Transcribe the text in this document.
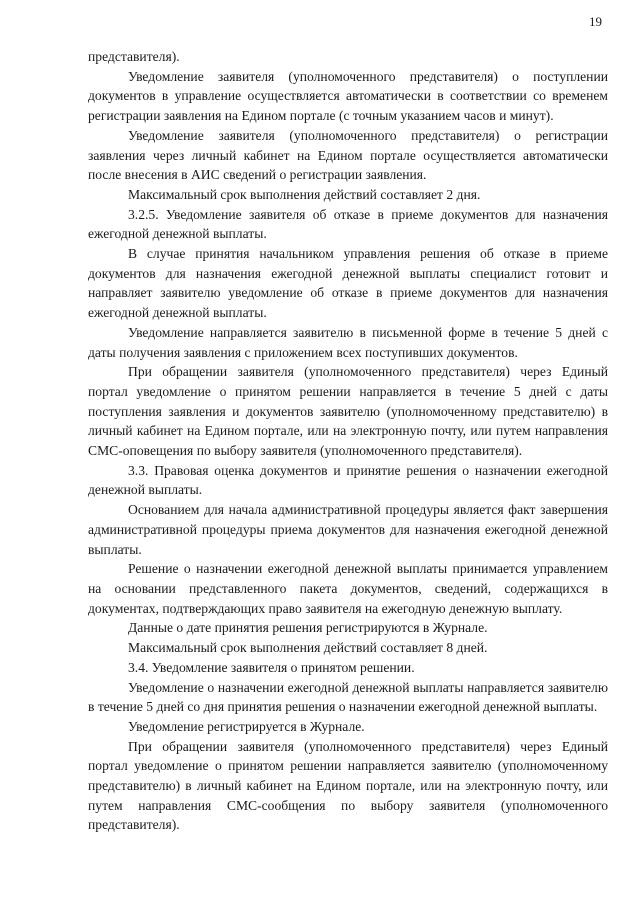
19

представителя).

Уведомление заявителя (уполномоченного представителя) о поступлении документов в управление осуществляется автоматически в соответствии со временем регистрации заявления на Едином портале (с точным указанием часов и минут).

Уведомление заявителя (уполномоченного представителя) о регистрации заявления через личный кабинет на Едином портале осуществляется автоматически после внесения в АИС сведений о регистрации заявления.

Максимальный срок выполнения действий составляет 2 дня.

3.2.5. Уведомление заявителя об отказе в приеме документов для назначения ежегодной денежной выплаты.

В случае принятия начальником управления решения об отказе в приеме документов для назначения ежегодной денежной выплаты специалист готовит и направляет заявителю уведомление об отказе в приеме документов для назначения ежегодной денежной выплаты.

Уведомление направляется заявителю в письменной форме в течение 5 дней с даты получения заявления с приложением всех поступивших документов.

При обращении заявителя (уполномоченного представителя) через Единый портал уведомление о принятом решении направляется в течение 5 дней с даты поступления заявления и документов заявителю (уполномоченному представителю) в личный кабинет на Едином портале, или на электронную почту, или путем направления СМС-оповещения по выбору заявителя (уполномоченного представителя).

3.3. Правовая оценка документов и принятие решения о назначении ежегодной денежной выплаты.

Основанием для начала административной процедуры является факт завершения административной процедуры приема документов для назначения ежегодной денежной выплаты.

Решение о назначении ежегодной денежной выплаты принимается управлением на основании представленного пакета документов, сведений, содержащихся в документах, подтверждающих право заявителя на ежегодную денежную выплату.

Данные о дате принятия решения регистрируются в Журнале.

Максимальный срок выполнения действий составляет 8 дней.

3.4. Уведомление заявителя о принятом решении.

Уведомление о назначении ежегодной денежной выплаты направляется заявителю в течение 5 дней со дня принятия решения о назначении ежегодной денежной выплаты.

Уведомление регистрируется в Журнале.

При обращении заявителя (уполномоченного представителя) через Единый портал уведомление о принятом решении направляется заявителю (уполномоченному представителю) в личный кабинет на Едином портале, или на электронную почту, или путем направления СМС-сообщения по выбору заявителя (уполномоченного представителя).
